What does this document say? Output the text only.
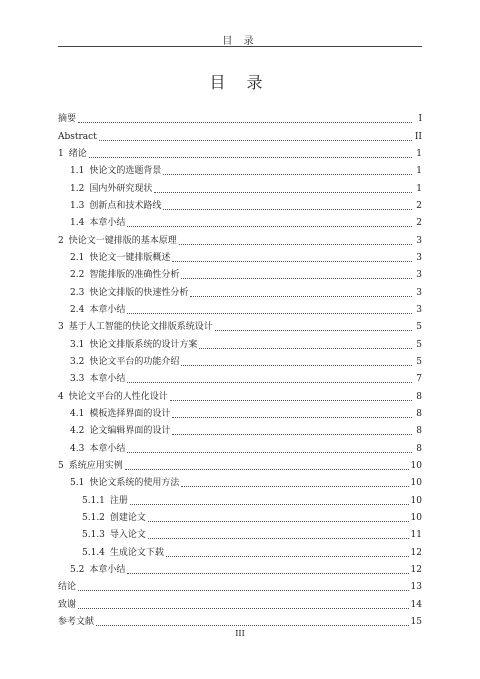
目 录
目 录
摘要	I
Abstract	II
1 绪论	1
1.1 快论文的选题背景	1
1.2 国内外研究现状	1
1.3 创新点和技术路线	2
1.4 本章小结	2
2 快论文一键排版的基本原理	3
2.1 快论文一键排版概述	3
2.2 智能排版的准确性分析	3
2.3 快论文排版的快速性分析	3
2.4 本章小结	3
3 基于人工智能的快论文排版系统设计	5
3.1 快论文排版系统的设计方案	5
3.2 快论文平台的功能介绍	5
3.3 本章小结	7
4 快论文平台的人性化设计	8
4.1 模板选择界面的设计	8
4.2 论文编辑界面的设计	8
4.3 本章小结	8
5 系统应用实例	10
5.1 快论文系统的使用方法	10
5.1.1 注册	10
5.1.2 创建论文	10
5.1.3 导入论文	11
5.1.4 生成论文下载	12
5.2 本章小结	12
结论	13
致谢	14
参考文献	15
III
